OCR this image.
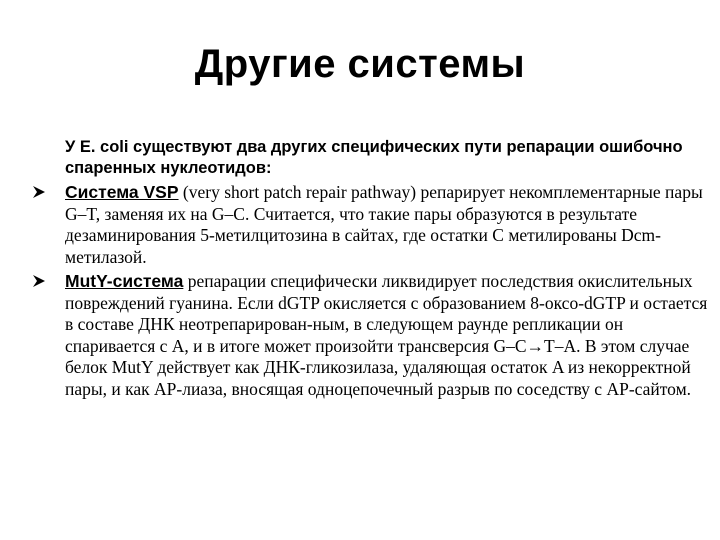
Другие системы

У E. coli существуют два других специфических пути репарации ошибочно спаренных нуклеотидов:

Система VSP (very short patch repair pathway) репарирует некомплементарные пары G–T, заменяя их на G–C. Считается, что такие пары образуются в результате дезаминирования 5-метилцитозина в сайтах, где остатки C метилированы Dcm-метилазой.

MutY-система репарации специфически ликвидирует последствия окислительных повреждений гуанина. Если dGTP окисляется с образованием 8-оксо-dGTP и остается в составе ДНК неотрепарирован-ным, в следующем раунде репликации он спаривается с A, и в итоге может произойти трансверсия G–C→T–A. В этом случае белок MutY действует как ДНК-гликозилаза, удаляющая остаток A из некорректной пары, и как AP-лиаза, вносящая одноцепочечный разрыв по соседству с AP-сайтом.
